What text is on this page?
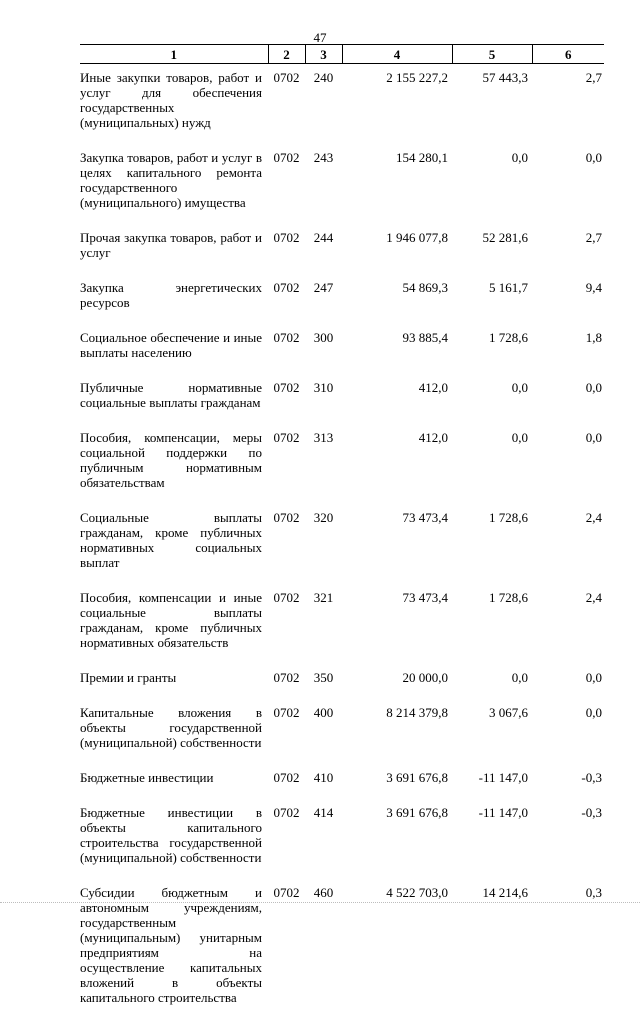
47
1	2	3	4	5	6
Иные закупки товаров, работ и услуг для обеспечения государственных (муниципальных) нужд	0702	240	2 155 227,2	57 443,3	2,7
Закупка товаров, работ и услуг в целях капитального ремонта государственного (муниципального) имущества	0702	243	154 280,1	0,0	0,0
Прочая закупка товаров, работ и услуг	0702	244	1 946 077,8	52 281,6	2,7
Закупка энергетических ресурсов	0702	247	54 869,3	5 161,7	9,4
Социальное обеспечение и иные выплаты населению	0702	300	93 885,4	1 728,6	1,8
Публичные нормативные социальные выплаты гражданам	0702	310	412,0	0,0	0,0
Пособия, компенсации, меры социальной поддержки по публичным нормативным обязательствам	0702	313	412,0	0,0	0,0
Социальные выплаты гражданам, кроме публичных нормативных социальных выплат	0702	320	73 473,4	1 728,6	2,4
Пособия, компенсации и иные социальные выплаты гражданам, кроме публичных нормативных обязательств	0702	321	73 473,4	1 728,6	2,4
Премии и гранты	0702	350	20 000,0	0,0	0,0
Капитальные вложения в объекты государственной (муниципальной) собственности	0702	400	8 214 379,8	3 067,6	0,0
Бюджетные инвестиции	0702	410	3 691 676,8	-11 147,0	-0,3
Бюджетные инвестиции в объекты капитального строительства государственной (муниципальной) собственности	0702	414	3 691 676,8	-11 147,0	-0,3
Субсидии бюджетным и автономным учреждениям, государственным (муниципальным) унитарным предприятиям на осуществление капитальных вложений в объекты капитального строительства	0702	460	4 522 703,0	14 214,6	0,3
